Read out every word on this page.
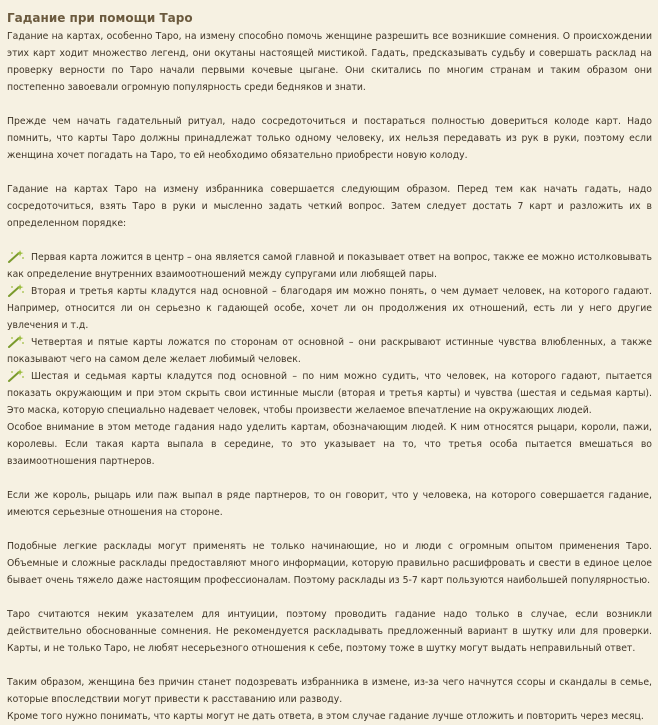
Гадание при помощи Таро

Гадание на картах, особенно Таро, на измену способно помочь женщине разрешить все возникшие сомнения. О происхождении этих карт ходит множество легенд, они окутаны настоящей мистикой. Гадать, предсказывать судьбу и совершать расклад на проверку верности по Таро начали первыми кочевые цыгане. Они скитались по многим странам и таким образом они постепенно завоевали огромную популярность среди бедняков и знати.

Прежде чем начать гадательный ритуал, надо сосредоточиться и постараться полностью довериться колоде карт. Надо помнить, что карты Таро должны принадлежат только одному человеку, их нельзя передавать из рук в руки, поэтому если женщина хочет погадать на Таро, то ей необходимо обязательно приобрести новую колоду.

Гадание на картах Таро на измену избранника совершается следующим образом. Перед тем как начать гадать, надо сосредоточиться, взять Таро в руки и мысленно задать четкий вопрос. Затем следует достать 7 карт и разложить их в определенном порядке:

Первая карта ложится в центр – она является самой главной и показывает ответ на вопрос, также ее можно истолковывать как определение внутренних взаимоотношений между супругами или любящей пары.

Вторая и третья карты кладутся над основной – благодаря им можно понять, о чем думает человек, на которого гадают. Например, относится ли он серьезно к гадающей особе, хочет ли он продолжения их отношений, есть ли у него другие увлечения и т.д.

Четвертая и пятые карты ложатся по сторонам от основной – они раскрывают истинные чувства влюбленных, а также показывают чего на самом деле желает любимый человек.

Шестая и седьмая карты кладутся под основной – по ним можно судить, что человек, на которого гадают, пытается показать окружающим и при этом скрыть свои истинные мысли (вторая и третья карты) и чувства (шестая и седьмая карты). Это маска, которую специально надевает человек, чтобы произвести желаемое впечатление на окружающих людей.

Особое внимание в этом методе гадания надо уделить картам, обозначающим людей. К ним относятся рыцари, короли, пажи, королевы. Если такая карта выпала в середине, то это указывает на то, что третья особа пытается вмешаться во взаимоотношения партнеров.

Если же король, рыцарь или паж выпал в ряде партнеров, то он говорит, что у человека, на которого совершается гадание, имеются серьезные отношения на стороне.

Подобные легкие расклады могут применять не только начинающие, но и люди с огромным опытом применения Таро. Объемные и сложные расклады предоставляют много информации, которую правильно расшифровать и свести в единое целое бывает очень тяжело даже настоящим профессионалам. Поэтому расклады из 5-7 карт пользуются наибольшей популярностью.

Таро считаются неким указателем для интуиции, поэтому проводить гадание надо только в случае, если возникли действительно обоснованные сомнения. Не рекомендуется раскладывать предложенный вариант в шутку или для проверки. Карты, и не только Таро, не любят несерьезного отношения к себе, поэтому тоже в шутку могут выдать неправильный ответ.

Таким образом, женщина без причин станет подозревать избранника в измене, из-за чего начнутся ссоры и скандалы в семье, которые впоследствии могут привести к расставанию или разводу.

Кроме того нужно понимать, что карты могут не дать ответа, в этом случае гадание лучше отложить и повторить через месяц.
